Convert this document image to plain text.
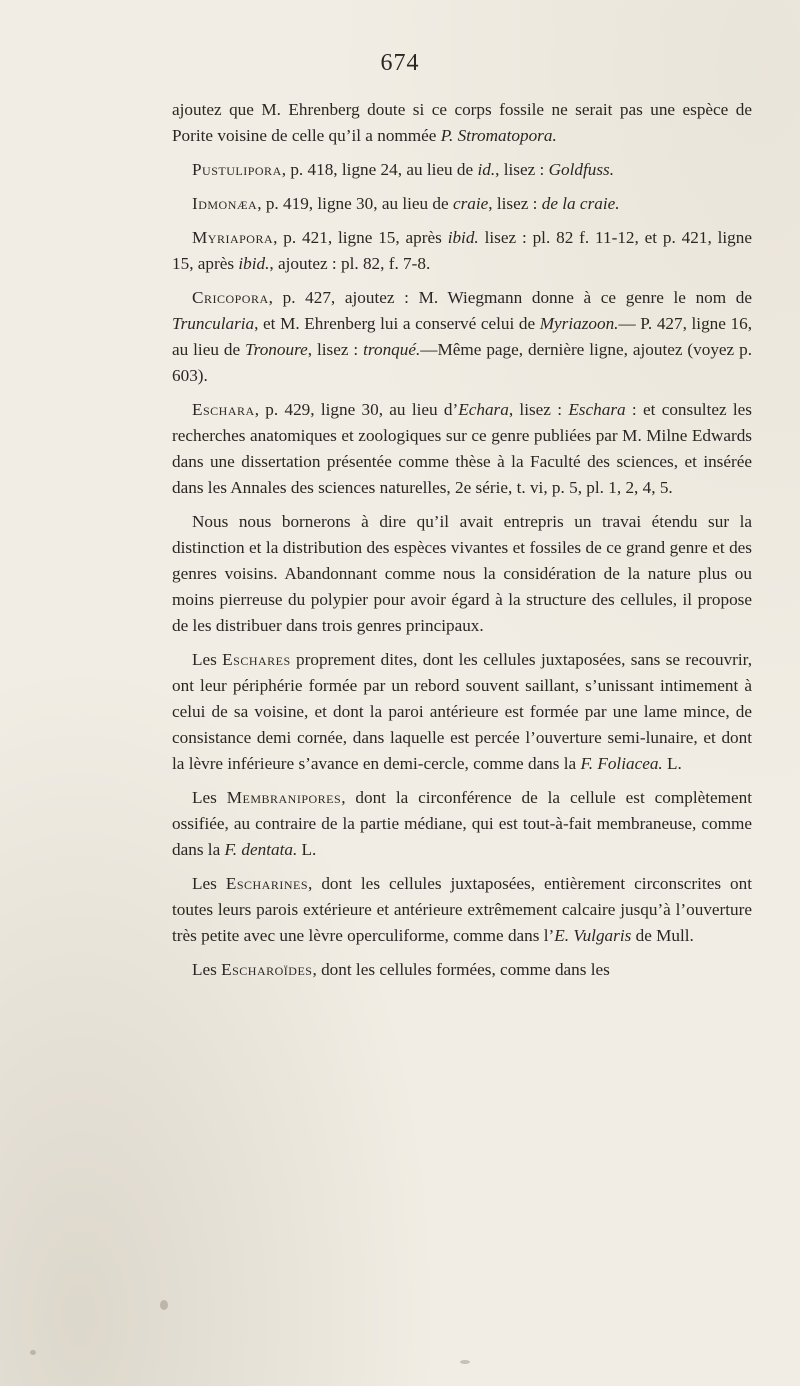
674

ajoutez que M. Ehrenberg doute si ce corps fossile ne serait pas une espèce de Porite voisine de celle qu’il a nommée P. Stromatopora.

Pustulipora, p. 418, ligne 24, au lieu de id., lisez : Goldfuss.

Idmonæa, p. 419, ligne 30, au lieu de craie, lisez : de la craie.

Myriapora, p. 421, ligne 15, après ibid. lisez : pl. 82 f. 11-12, et p. 421, ligne 15, après ibid., ajoutez : pl. 82, f. 7-8.

Cricopora, p. 427, ajoutez : M. Wiegmann donne à ce genre le nom de Truncularia, et M. Ehrenberg lui a conservé celui de Myriazoon.— P. 427, ligne 16, au lieu de Tronoure, lisez : tronqué.—Même page, dernière ligne, ajoutez (voyez p. 603).

Eschara, p. 429, ligne 30, au lieu d’Echara, lisez : Eschara : et consultez les recherches anatomiques et zoologiques sur ce genre publiées par M. Milne Edwards dans une dissertation présentée comme thèse à la Faculté des sciences, et insérée dans les Annales des sciences naturelles, 2e série, t. vi, p. 5, pl. 1, 2, 4, 5.

Nous nous bornerons à dire qu’il avait entrepris un travai étendu sur la distinction et la distribution des espèces vivantes et fossiles de ce grand genre et des genres voisins. Abandonnant comme nous la considération de la nature plus ou moins pierreuse du polypier pour avoir égard à la structure des cellules, il propose de les distribuer dans trois genres principaux.

Les Eschares proprement dites, dont les cellules juxtaposées, sans se recouvrir, ont leur périphérie formée par un rebord souvent saillant, s’unissant intimement à celui de sa voisine, et dont la paroi antérieure est formée par une lame mince, de consistance demi cornée, dans laquelle est percée l’ouverture semi-lunaire, et dont la lèvre inférieure s’avance en demi-cercle, comme dans la F. Foliacea. L.

Les Membranipores, dont la circonférence de la cellule est complètement ossifiée, au contraire de la partie médiane, qui est tout-à-fait membraneuse, comme dans la F. dentata. L.

Les Escharines, dont les cellules juxtaposées, entièrement circonscrites ont toutes leurs parois extérieure et antérieure extrêmement calcaire jusqu’à l’ouverture très petite avec une lèvre operculiforme, comme dans l’E. Vulgaris de Mull.

Les Escharoïdes, dont les cellules formées, comme dans les
